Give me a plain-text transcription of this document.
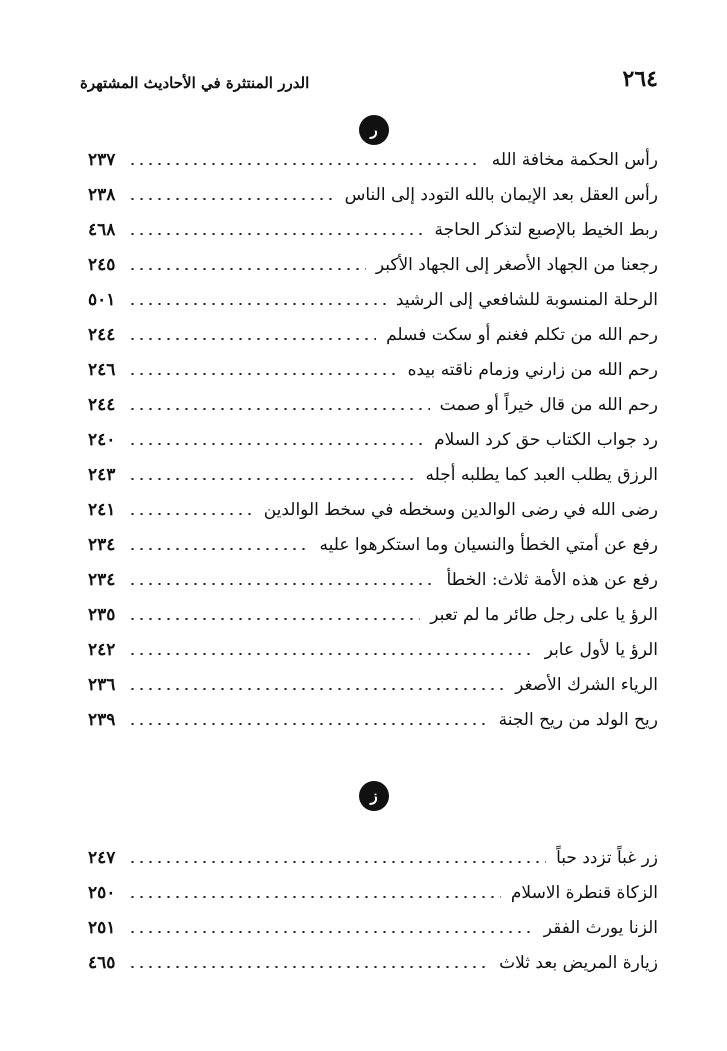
٢٦٤
الدرر المنتثرة في الأحاديث المشتهرة
ر
رأس الحكمة مخافة الله
٢٣٧
رأس العقل بعد الإيمان بالله التودد إلى الناس
٢٣٨
ربط الخيط بالإصبع لتذكر الحاجة
٤٦٨
رجعنا من الجهاد الأصغر إلى الجهاد الأكبر
٢٤٥
الرحلة المنسوبة للشافعي إلى الرشيد
٥٠١
رحم الله من تكلم فغنم أو سكت فسلم
٢٤٤
رحم الله من زارني وزمام ناقته بيده
٢٤٦
رحم الله من قال خيراً أو صمت
٢٤٤
رد جواب الكتاب حق كرد السلام
٢٤٠
الرزق يطلب العبد كما يطلبه أجله
٢٤٣
رضى الله في رضى الوالدين وسخطه في سخط الوالدين
٢٤١
رفع عن أمتي الخطأ والنسيان وما استكرهوا عليه
٢٣٤
رفع عن هذه الأمة ثلاث: الخطأ
٢٣٤
الرؤ يا على رجل طائر ما لم تعبر
٢٣٥
الرؤ يا لأول عابر
٢٤٢
الرياء الشرك الأصغر
٢٣٦
ريح الولد من ريح الجنة
٢٣٩
ز
زر غباً تزدد حباً
٢٤٧
الزكاة قنطرة الاسلام
٢٥٠
الزنا يورث الفقر
٢٥١
زيارة المريض بعد ثلاث
٤٦٥
